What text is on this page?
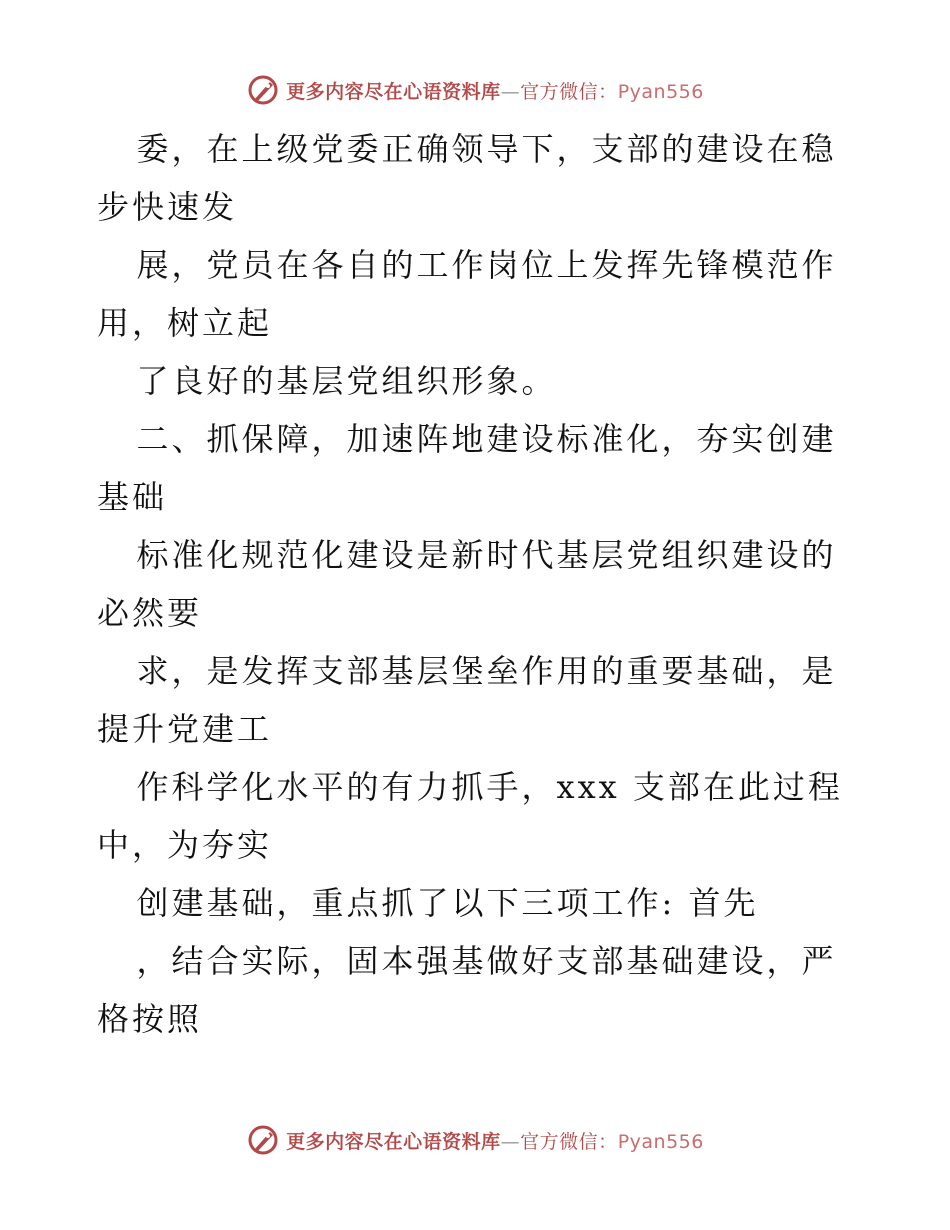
更多内容尽在心语资料库—官方微信：Pyan556

委，在上级党委正确领导下，支部的建设在稳步快速发

展，党员在各自的工作岗位上发挥先锋模范作用，树立起

了良好的基层党组织形象。

二、抓保障，加速阵地建设标准化，夯实创建基础

标准化规范化建设是新时代基层党组织建设的必然要

求，是发挥支部基层堡垒作用的重要基础，是提升党建工

作科学化水平的有力抓手，xxx 支部在此过程中，为夯实

创建基础，重点抓了以下三项工作: 首先

，结合实际，固本强基做好支部基础建设，严格按照

更多内容尽在心语资料库—官方微信：Pyan556
